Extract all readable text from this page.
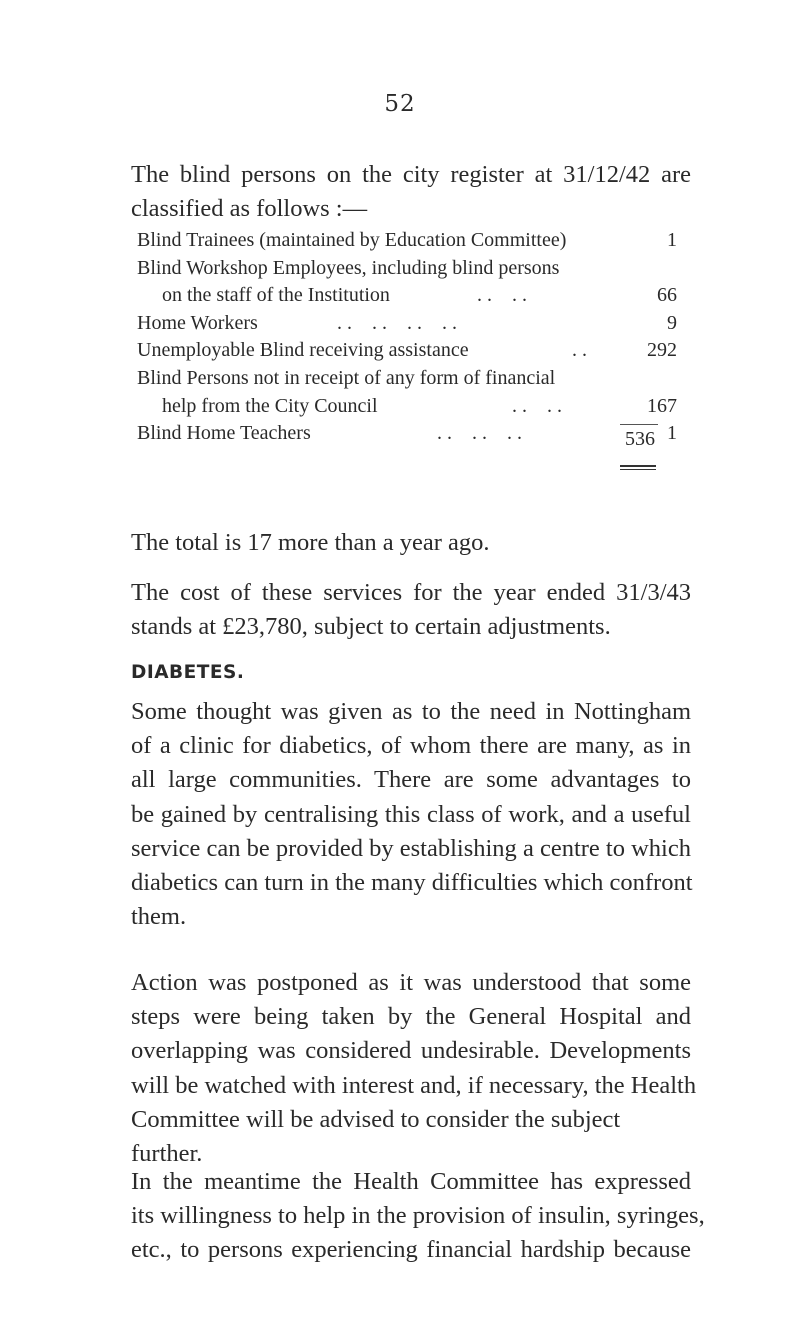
52
The blind persons on the city register at 31/12/42 are
classified as follows :—
Blind Trainees (maintained by Education Committee)	1
Blind Workshop Employees, including blind persons
on the staff of the Institution	. .    . .	66
Home Workers	. .    . .    . .    . .	9
Unemployable Blind receiving assistance	. .	292
Blind Persons not in receipt of any form of financial
help from the City Council	. .    . .	167
Blind Home Teachers	. .    . .    . .	1
536
The total is 17 more than a year ago.
The cost of these services for the year ended 31/3/43
stands at £23,780, subject to certain adjustments.
DIABETES.
Some thought was given as to the need in Nottingham
of a clinic for diabetics, of whom there are many, as in
all large communities. There are some advantages to
be gained by centralising this class of work, and a useful
service can be provided by establishing a centre to which
diabetics can turn in the many difficulties which confront
them.
Action was postponed as it was understood that some
steps were being taken by the General Hospital and
overlapping was considered undesirable. Developments
will be watched with interest and, if necessary, the Health
Committee will be advised to consider the subject further.
In the meantime the Health Committee has expressed
its willingness to help in the provision of insulin, syringes,
etc., to persons experiencing financial hardship because
